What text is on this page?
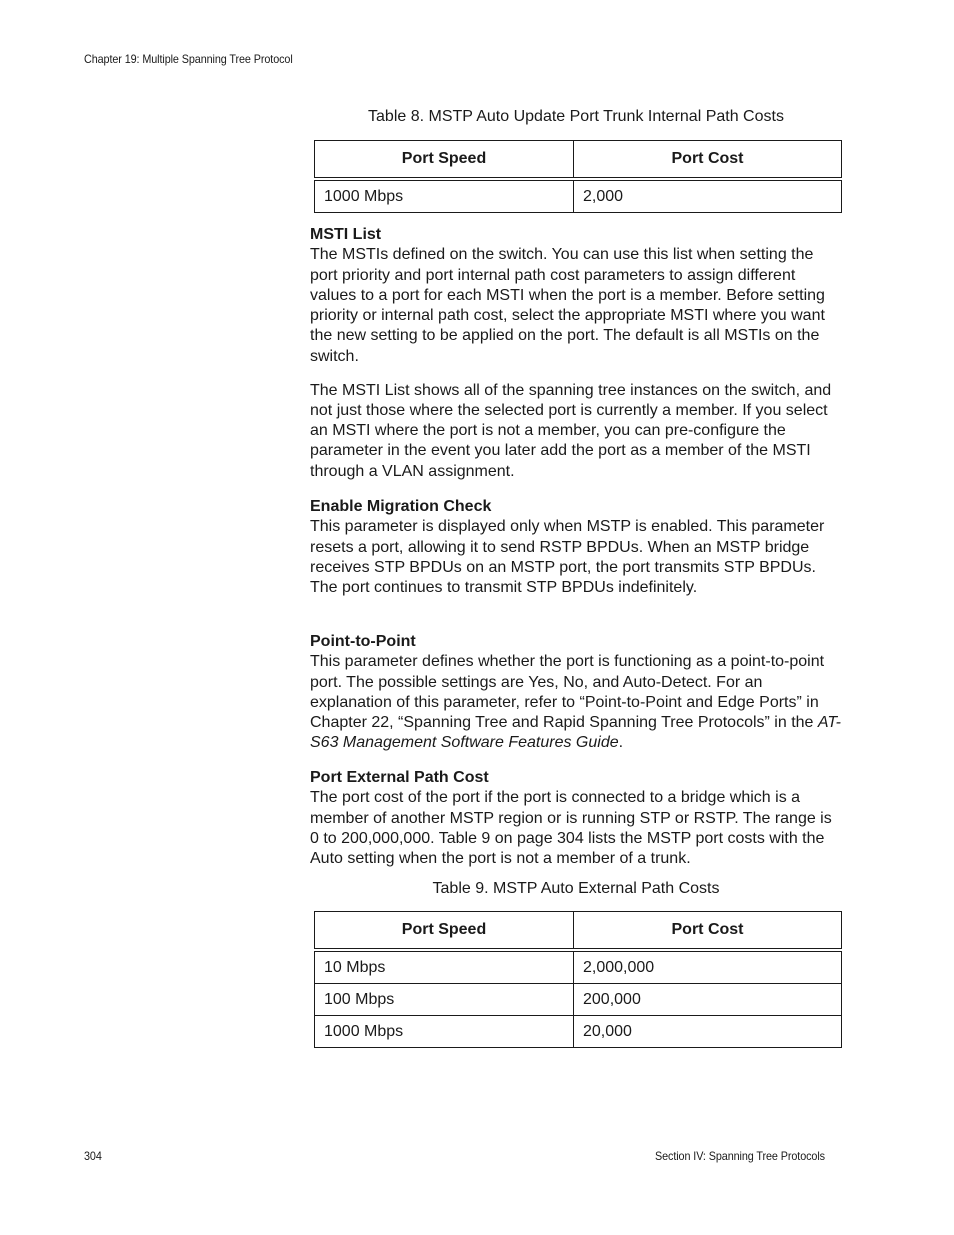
Chapter 19: Multiple Spanning Tree Protocol
Table 8. MSTP Auto Update Port Trunk Internal Path Costs
Port Speed	Port Cost
1000 Mbps	2,000
MSTI List

The MSTIs defined on the switch. You can use this list when setting the port priority and port internal path cost parameters to assign different values to a port for each MSTI when the port is a member. Before setting priority or internal path cost, select the appropriate MSTI where you want the new setting to be applied on the port. The default is all MSTIs on the switch.

The MSTI List shows all of the spanning tree instances on the switch, and not just those where the selected port is currently a member. If you select an MSTI where the port is not a member, you can pre-configure the parameter in the event you later add the port as a member of the MSTI through a VLAN assignment.

Enable Migration Check

This parameter is displayed only when MSTP is enabled. This parameter resets a port, allowing it to send RSTP BPDUs. When an MSTP bridge receives STP BPDUs on an MSTP port, the port transmits STP BPDUs. The port continues to transmit STP BPDUs indefinitely.

Point-to-Point

This parameter defines whether the port is functioning as a point-to-point port. The possible settings are Yes, No, and Auto-Detect. For an explanation of this parameter, refer to “Point-to-Point and Edge Ports” in Chapter 22, “Spanning Tree and Rapid Spanning Tree Protocols” in the AT-S63 Management Software Features Guide.

Port External Path Cost

The port cost of the port if the port is connected to a bridge which is a member of another MSTP region or is running STP or RSTP. The range is 0 to 200,000,000. Table 9 on page 304 lists the MSTP port costs with the Auto setting when the port is not a member of a trunk.

Table 9. MSTP Auto External Path Costs
Port Speed	Port Cost
10 Mbps	2,000,000
100 Mbps	200,000
1000 Mbps	20,000
304	Section IV: Spanning Tree Protocols
